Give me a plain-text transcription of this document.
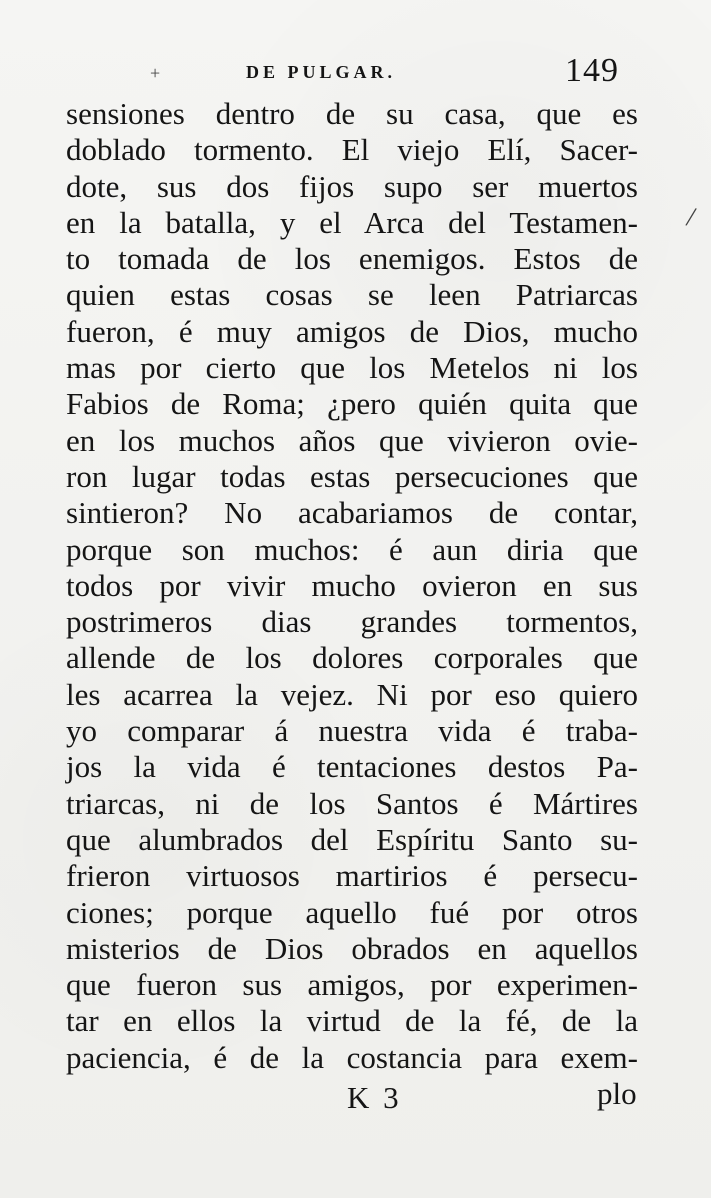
+
/
DE PULGAR.	149
sensiones dentro de su casa, que es
doblado tormento. El viejo Elí, Sacer-
dote, sus dos fijos supo ser muertos
en la batalla, y el Arca del Testamen-
to tomada de los enemigos. Estos de
quien estas cosas se leen Patriarcas
fueron, é muy amigos de Dios, mucho
mas por cierto que los Metelos ni los
Fabios de Roma; ¿pero quién quita que
en los muchos años que vivieron ovie-
ron lugar todas estas persecuciones que
sintieron? No acabariamos de contar,
porque son muchos: é aun diria que
todos por vivir mucho ovieron en sus
postrimeros dias grandes tormentos,
allende de los dolores corporales que
les acarrea la vejez. Ni por eso quiero
yo comparar á nuestra vida é traba-
jos la vida é tentaciones destos Pa-
triarcas, ni de los Santos é Mártires
que alumbrados del Espíritu Santo su-
frieron virtuosos martirios é persecu-
ciones; porque aquello fué por otros
misterios de Dios obrados en aquellos
que fueron sus amigos, por experimen-
tar en ellos la virtud de la fé, de la
paciencia, é de la costancia para exem-
K 3	plo
